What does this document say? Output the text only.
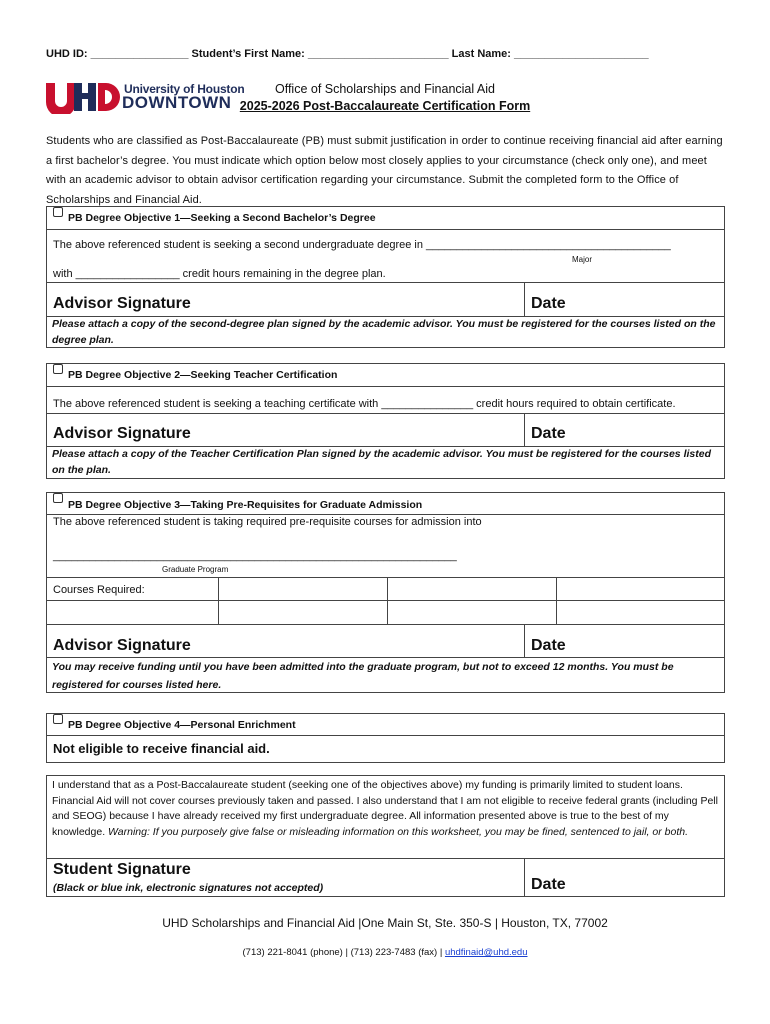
UHD ID: ________________ Student’s First Name: _______________________ Last Name: ______________________
University of Houston
DOWNTOWN
Office of Scholarships and Financial Aid
2025-2026 Post-Baccalaureate Certification Form
Students who are classified as Post-Baccalaureate (PB) must submit justification in order to continue receiving financial aid after earning a first bachelor’s degree. You must indicate which option below most closely applies to your circumstance (check only one), and meet with an academic advisor to obtain advisor certification regarding your circumstance. Submit the completed form to the Office of Scholarships and Financial Aid.
PB Degree Objective 1—Seeking a Second Bachelor’s Degree
The above referenced student is seeking a second undergraduate degree in ________________________________________
Major
with _________________ credit hours remaining in the degree plan.
Advisor Signature	Date
Please attach a copy of the second-degree plan signed by the academic advisor. You must be registered for the courses listed on the degree plan.
PB Degree Objective 2—Seeking Teacher Certification
The above referenced student is seeking a teaching certificate with _______________ credit hours required to obtain certificate.
Advisor Signature	Date
Please attach a copy of the Teacher Certification Plan signed by the academic advisor. You must be registered for the courses listed on the plan.
PB Degree Objective 3—Taking Pre-Requisites for Graduate Admission
The above referenced student is taking required pre-requisite courses for admission into
__________________________________________________________________
Graduate Program
Courses Required:
Advisor Signature	Date
You may receive funding until you have been admitted into the graduate program, but not to exceed 12 months. You must be registered for courses listed here.
PB Degree Objective 4—Personal Enrichment
Not eligible to receive financial aid.
I understand that as a Post-Baccalaureate student (seeking one of the objectives above) my funding is primarily limited to student loans. Financial Aid will not cover courses previously taken and passed. I also understand that I am not eligible to receive federal grants (including Pell and SEOG) because I have already received my first undergraduate degree. All information presented above is true to the best of my knowledge. Warning: If you purposely give false or misleading information on this worksheet, you may be fined, sentenced to jail, or both.
Student Signature
(Black or blue ink, electronic signatures not accepted)	Date
UHD Scholarships and Financial Aid |One Main St, Ste. 350-S | Houston, TX, 77002
(713) 221-8041 (phone) | (713) 223-7483 (fax) | uhdfinaid@uhd.edu
